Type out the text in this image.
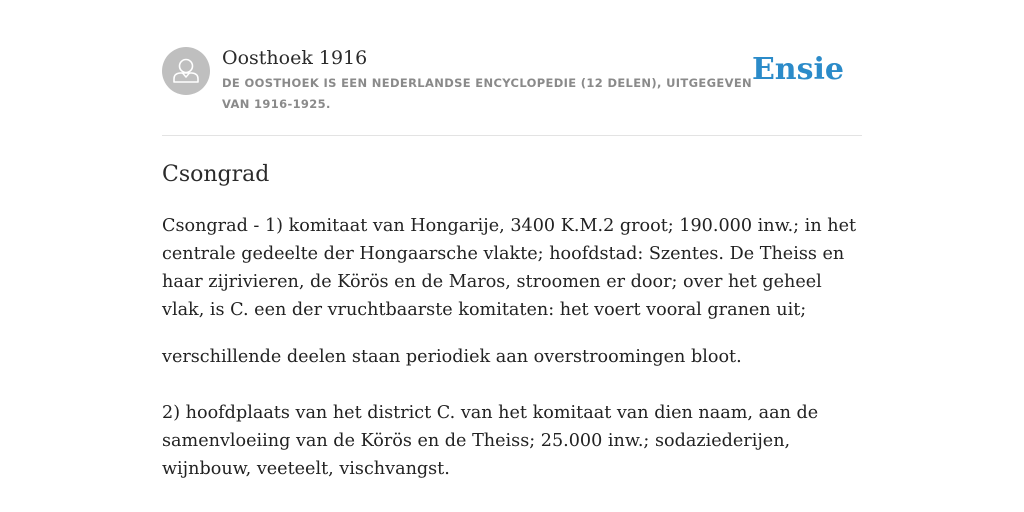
Oosthoek 1916
DE OOSTHOEK IS EEN NEDERLANDSE ENCYCLOPEDIE (12 DELEN), UITGEGEVEN VAN 1916-1925.
Ensie
Csongrad

Csongrad - 1) komitaat van Hongarije, 3400 K.M.2 groot; 190.000 inw.; in het centrale gedeelte der Hongaarsche vlakte; hoofdstad: Szentes. De Theiss en haar zijrivieren, de Körös en de Maros, stroomen er door; over het geheel vlak, is C. een der vruchtbaarste komitaten: het voert vooral granen uit;

verschillende deelen staan periodiek aan overstroomingen bloot.

2) hoofdplaats van het district C. van het komitaat van dien naam, aan de samenvloeiing van de Körös en de Theiss; 25.000 inw.; sodaziederijen, wijnbouw, veeteelt, vischvangst.
